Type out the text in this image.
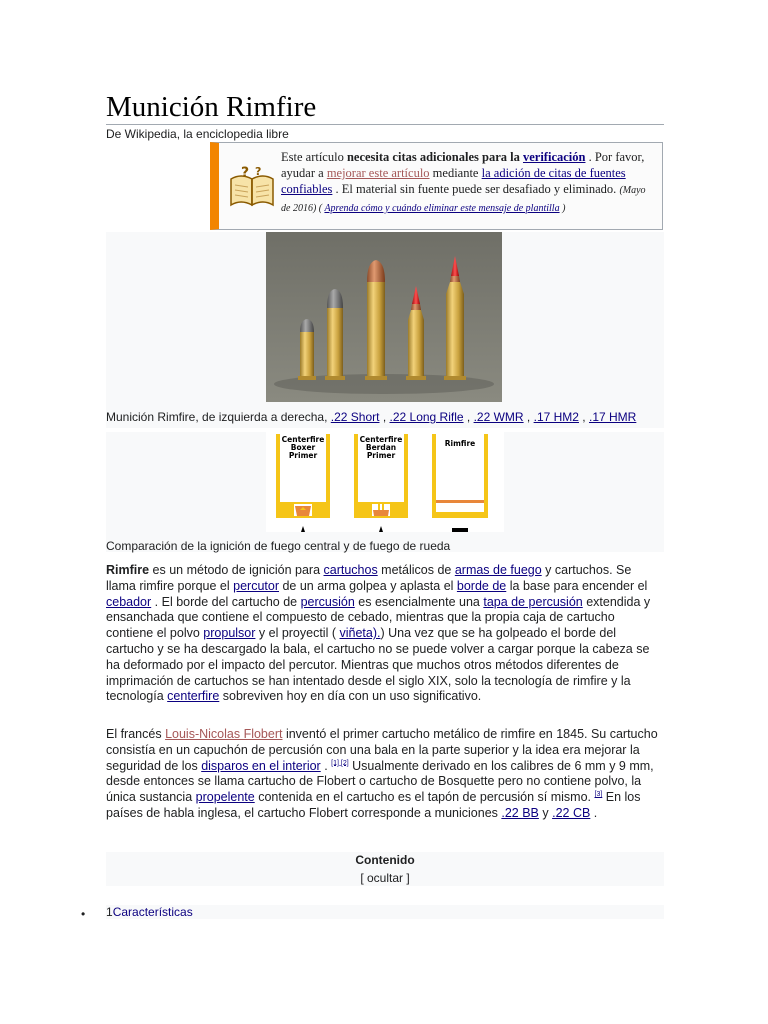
Munición Rimfire
De Wikipedia, la enciclopedia libre
? ?
Este artículo necesita citas adicionales para la verificación . Por favor, ayudar a mejorar este artículo mediante la adición de citas de fuentes confiables . El material sin fuente puede ser desafiado y eliminado. (Mayo de 2016) ( Aprenda cómo y cuándo eliminar este mensaje de plantilla )
Munición Rimfire, de izquierda a derecha, .22 Short , .22 Long Rifle , .22 WMR , .17 HM2 , .17 HMR
Centerfire
Boxer
Primer
Centerfire
Berdan
Primer
Rimfire
Comparación de la ignición de fuego central y de fuego de rueda
Rimfire es un método de ignición para cartuchos metálicos de armas de fuego y cartuchos. Se llama rimfire porque el percutor de un arma golpea y aplasta el borde de la base para encender el cebador . El borde del cartucho de percusión es esencialmente una tapa de percusión extendida y ensanchada que contiene el compuesto de cebado, mientras que la propia caja de cartucho contiene el polvo propulsor y el proyectil ( viñeta).) Una vez que se ha golpeado el borde del cartucho y se ha descargado la bala, el cartucho no se puede volver a cargar porque la cabeza se ha deformado por el impacto del percutor. Mientras que muchos otros métodos diferentes de imprimación de cartuchos se han intentado desde el siglo XIX, solo la tecnología de rimfire y la tecnología centerfire sobreviven hoy en día con un uso significativo.
El francés Louis-Nicolas Flobert inventó el primer cartucho metálico de rimfire en 1845. Su cartucho consistía en un capuchón de percusión con una bala en la parte superior y la idea era mejorar la seguridad de los disparos en el interior . [1] [2] Usualmente derivado en los calibres de 6 mm y 9 mm, desde entonces se llama cartucho de Flobert o cartucho de Bosquette pero no contiene polvo, la única sustancia propelente contenida en el cartucho es el tapón de percusión sí mismo. [3] En los países de habla inglesa, el cartucho Flobert corresponde a municiones .22 BB y .22 CB .
Contenido
[ ocultar ]
1Características
•
